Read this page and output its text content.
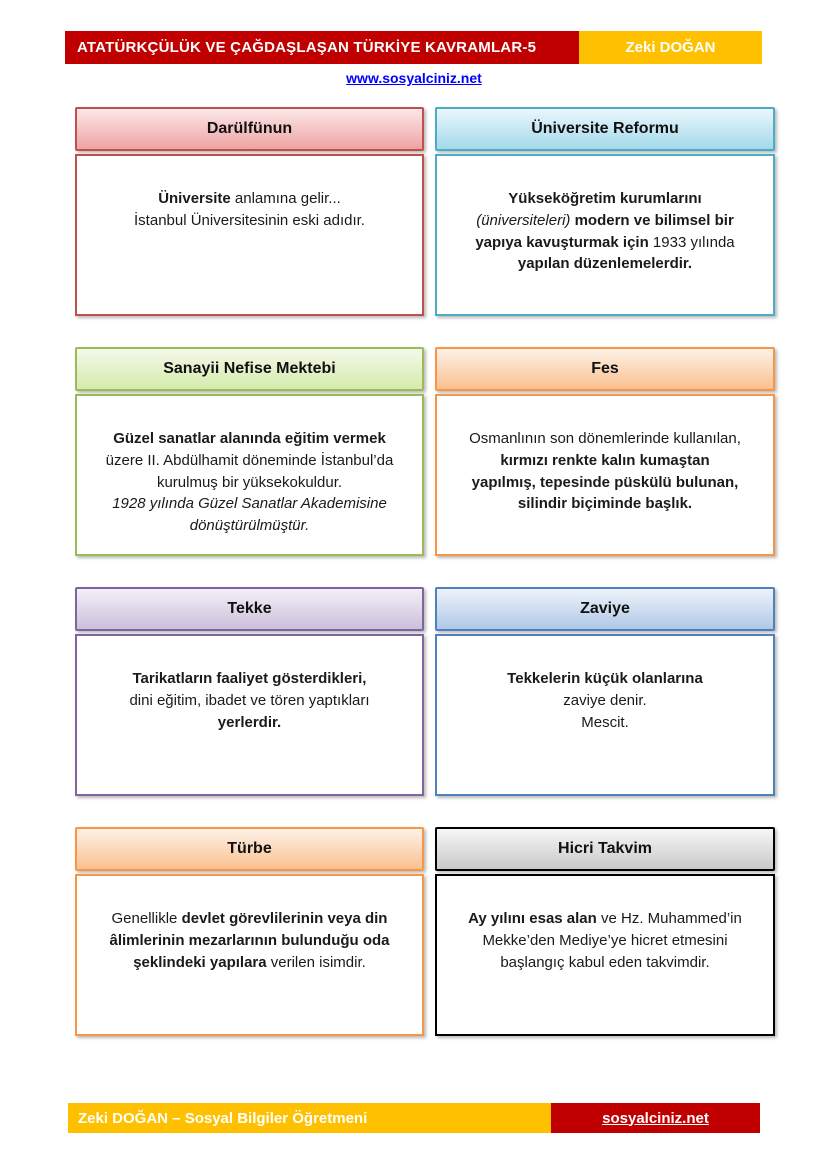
ATATÜRKÇÜLÜK VE ÇAĞDAŞLAŞAN TÜRKİYE KAVRAMLAR-5	Zeki DOĞAN
www.sosyalciniz.net
Darülfünun
Üniversite anlamına gelir...
İstanbul Üniversitesinin eski adıdır.
Üniversite Reformu
Yükseköğretim kurumlarını
(üniversiteleri) modern ve bilimsel bir
yapıya kavuşturmak için 1933 yılında
yapılan düzenlemelerdir.
Sanayii Nefise Mektebi
Güzel sanatlar alanında eğitim vermek
üzere II. Abdülhamit döneminde İstanbul’da
kurulmuş bir yüksekokuldur.
1928 yılında Güzel Sanatlar Akademisine
dönüştürülmüştür.
Fes
Osmanlının son dönemlerinde kullanılan,
kırmızı renkte kalın kumaştan
yapılmış, tepesinde püskülü bulunan,
silindir biçiminde başlık.
Tekke
Tarikatların faaliyet gösterdikleri,
dini eğitim, ibadet ve tören yaptıkları
yerlerdir.
Zaviye
Tekkelerin küçük olanlarına
zaviye denir.
Mescit.
Türbe
Genellikle devlet görevlilerinin veya din
âlimlerinin mezarlarının bulunduğu oda
şeklindeki yapılara verilen isimdir.
Hicri Takvim
Ay yılını esas alan ve Hz. Muhammed’in
Mekke’den Mediye’ye hicret etmesini
başlangıç kabul eden takvimdir.
Zeki DOĞAN – Sosyal Bilgiler Öğretmeni	sosyalciniz.net
